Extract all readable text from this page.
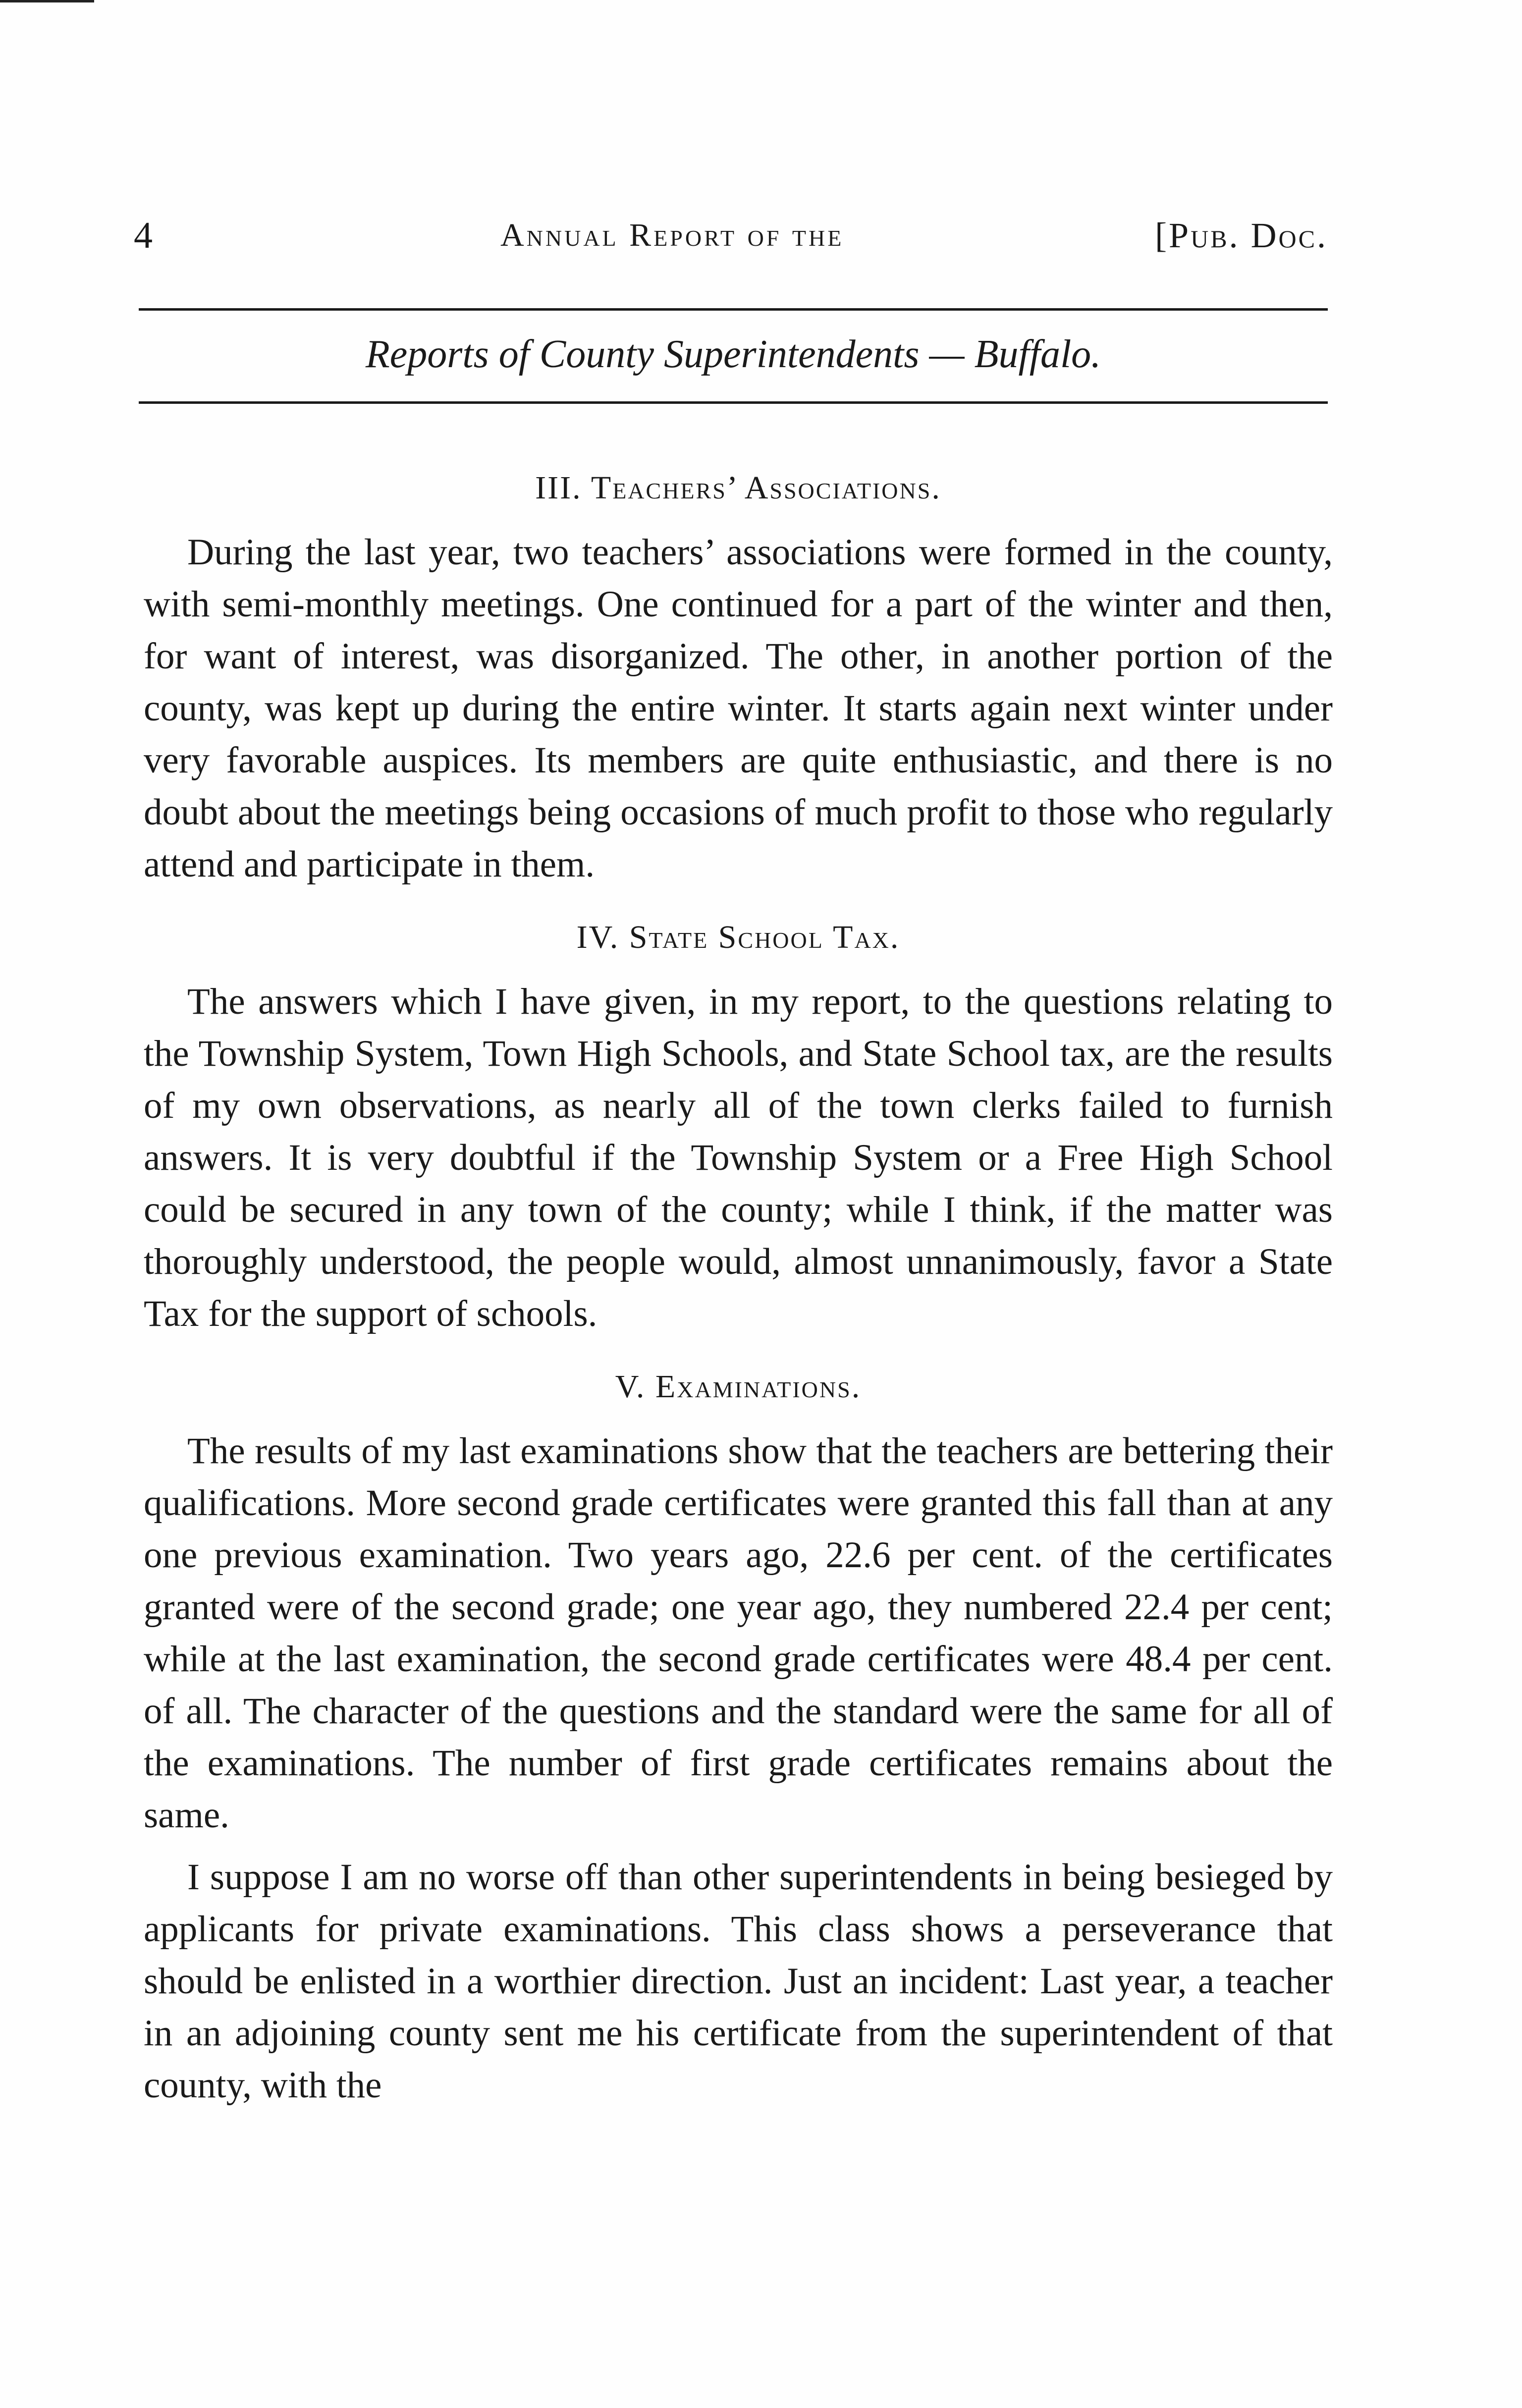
4	Annual Report of the	[Pub. Doc.
Reports of County Superintendents — Buffalo.
III. Teachers’ Associations.

During the last year, two teachers’ associations were formed in the county, with semi-monthly meetings. One continued for a part of the winter and then, for want of interest, was disorganized. The other, in another portion of the county, was kept up during the entire winter. It starts again next winter under very favorable auspices. Its members are quite enthusiastic, and there is no doubt about the meetings being occasions of much profit to those who regularly attend and participate in them.

IV. State School Tax.

The answers which I have given, in my report, to the questions relating to the Township System, Town High Schools, and State School tax, are the results of my own observations, as nearly all of the town clerks failed to furnish answers. It is very doubtful if the Township System or a Free High School could be secured in any town of the county; while I think, if the matter was thoroughly understood, the people would, almost unnanimously, favor a State Tax for the support of schools.

V. Examinations.

The results of my last examinations show that the teachers are bettering their qualifications. More second grade certificates were granted this fall than at any one previous examination. Two years ago, 22.6 per cent. of the certificates granted were of the second grade; one year ago, they numbered 22.4 per cent; while at the last examination, the second grade certificates were 48.4 per cent. of all. The character of the questions and the standard were the same for all of the examinations. The number of first grade certificates remains about the same.

I suppose I am no worse off than other superintendents in being besieged by applicants for private examinations. This class shows a perseverance that should be enlisted in a worthier direction. Just an incident: Last year, a teacher in an adjoining county sent me his certificate from the superintendent of that county, with the
